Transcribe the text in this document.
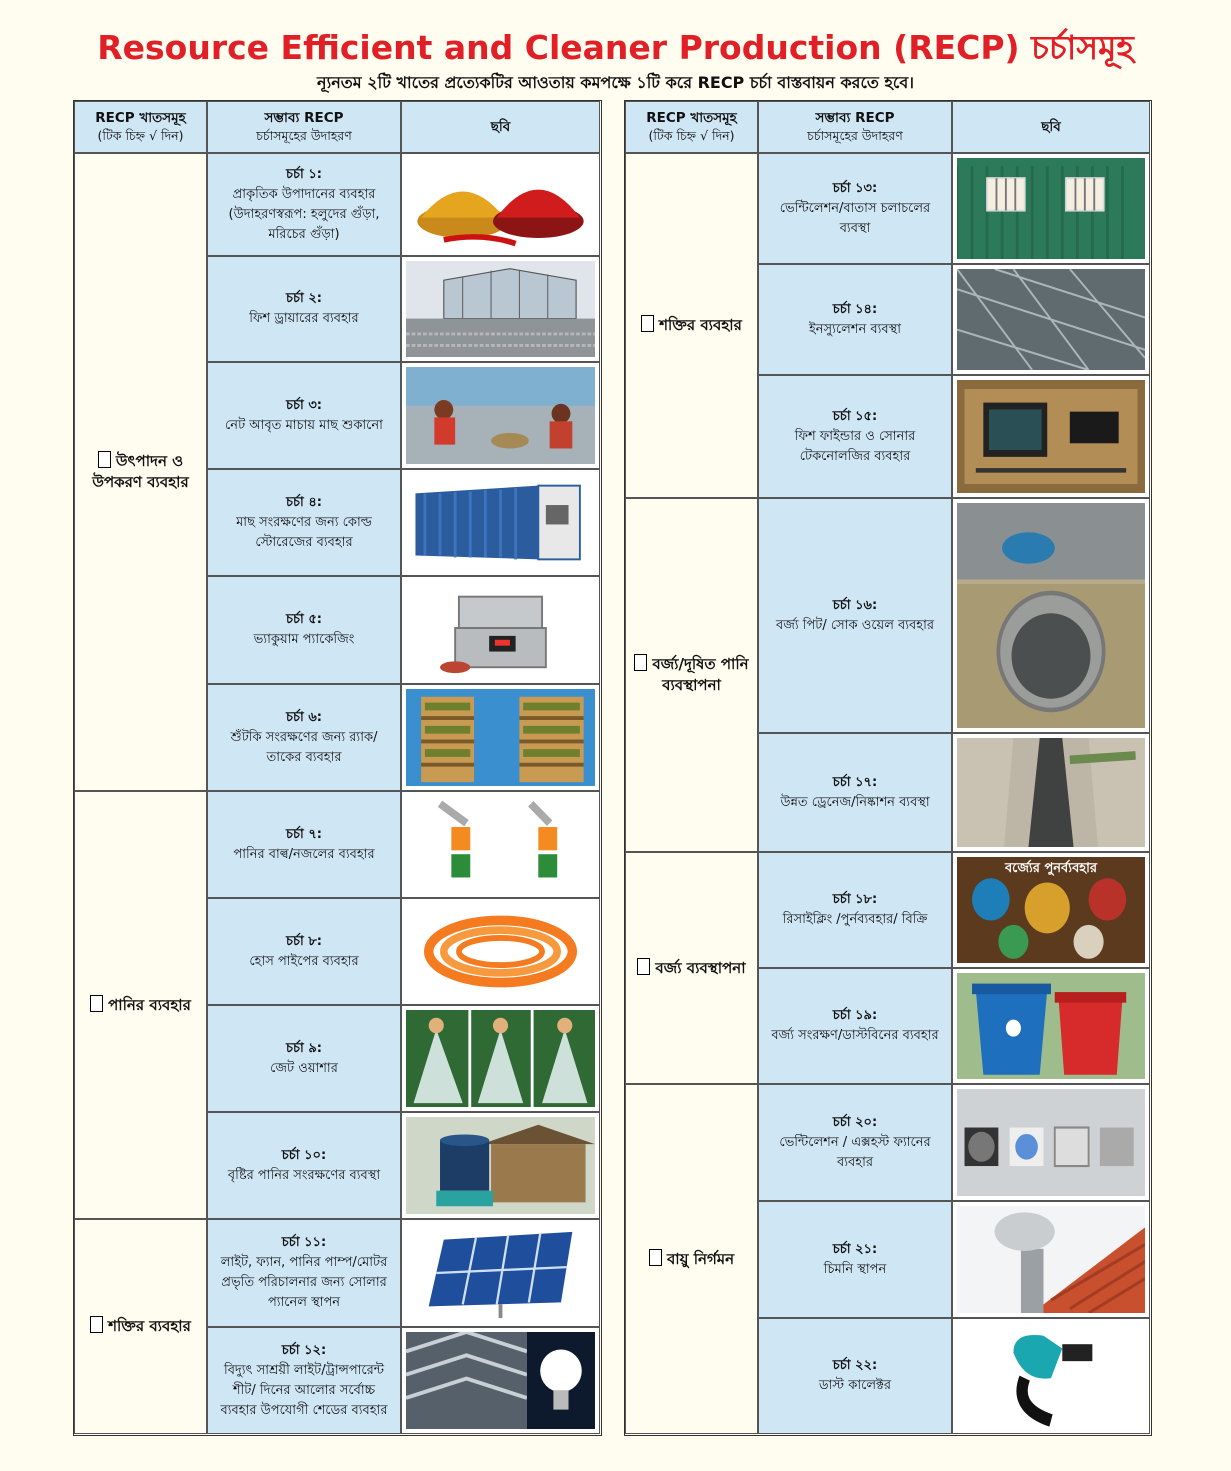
Resource Efficient and Cleaner Production (RECP) চর্চাসমূহ
ন্যূনতম ২টি খাতের প্রত্যেকটির আওতায় কমপক্ষে ১টি করে RECP চর্চা বাস্তবায়ন করতে হবে।
RECP খাতসমূহ
(টিক চিহ্ন √ দিন)
সম্ভাব্য RECP
চর্চাসমূহের উদাহরণ
ছবি
উৎপাদন ও উপকরণ ব্যবহার
পানির ব্যবহার
শক্তির ব্যবহার
চর্চা ১:
প্রাকৃতিক উপাদানের ব্যবহার (উদাহরণস্বরূপ: হলুদের গুঁড়া, মরিচের গুঁড়া)
চর্চা ২:
ফিশ ড্রায়ারের ব্যবহার
চর্চা ৩:
নেট আবৃত মাচায় মাছ শুকানো
চর্চা ৪:
মাছ সংরক্ষণের জন্য কোল্ড স্টোরেজের ব্যবহার
চর্চা ৫:
ভ্যাকুয়াম প্যাকেজিং
চর্চা ৬:
শুঁটকি সংরক্ষণের জন্য র‍্যাক/তাকের ব্যবহার
চর্চা ৭:
পানির বাল্ব/নজলের ব্যবহার
চর্চা ৮:
হোস পাইপের ব্যবহার
চর্চা ৯:
জেট ওয়াশার
চর্চা ১০:
বৃষ্টির পানির সংরক্ষণের ব্যবস্থা
চর্চা ১১:
লাইট, ফ্যান, পানির পাম্প/মোটর প্রভৃতি পরিচালনার জন্য সোলার প্যানেল স্থাপন
চর্চা ১২:
বিদ্যুৎ সাশ্রয়ী লাইট/ট্রান্সপারেন্ট শীট/ দিনের আলোর সর্বোচ্চ ব্যবহার উপযোগী শেডের ব্যবহার
RECP খাতসমূহ
(টিক চিহ্ন √ দিন)
সম্ভাব্য RECP
চর্চাসমূহের উদাহরণ
ছবি
শক্তির ব্যবহার
বর্জ্য/দূষিত পানি ব্যবস্থাপনা
বর্জ্য ব্যবস্থাপনা
বায়ু নির্গমন
চর্চা ১৩:
ভেন্টিলেশন/বাতাস চলাচলের ব্যবস্থা
চর্চা ১৪:
ইনস্যুলেশন ব্যবস্থা
চর্চা ১৫:
ফিশ ফাইন্ডার ও সোনার টেকনোলজির ব্যবহার
চর্চা ১৬:
বর্জ্য পিট/ সোক ওয়েল ব্যবহার
চর্চা ১৭:
উন্নত ড্রেনেজ/নিষ্কাশন ব্যবস্থা
চর্চা ১৮:
রিসাইক্লিং /পুর্নব্যবহার/ বিক্রি
চর্চা ১৯:
বর্জ্য সংরক্ষণ/ডাস্টবিনের ব্যবহার
চর্চা ২০:
ভেন্টিলেশন / এক্সহস্ট ফ্যানের ব্যবহার
চর্চা ২১:
চিমনি স্থাপন
চর্চা ২২:
ডাস্ট কালেক্টর
বর্জ্যের পুনর্ব্যবহার
